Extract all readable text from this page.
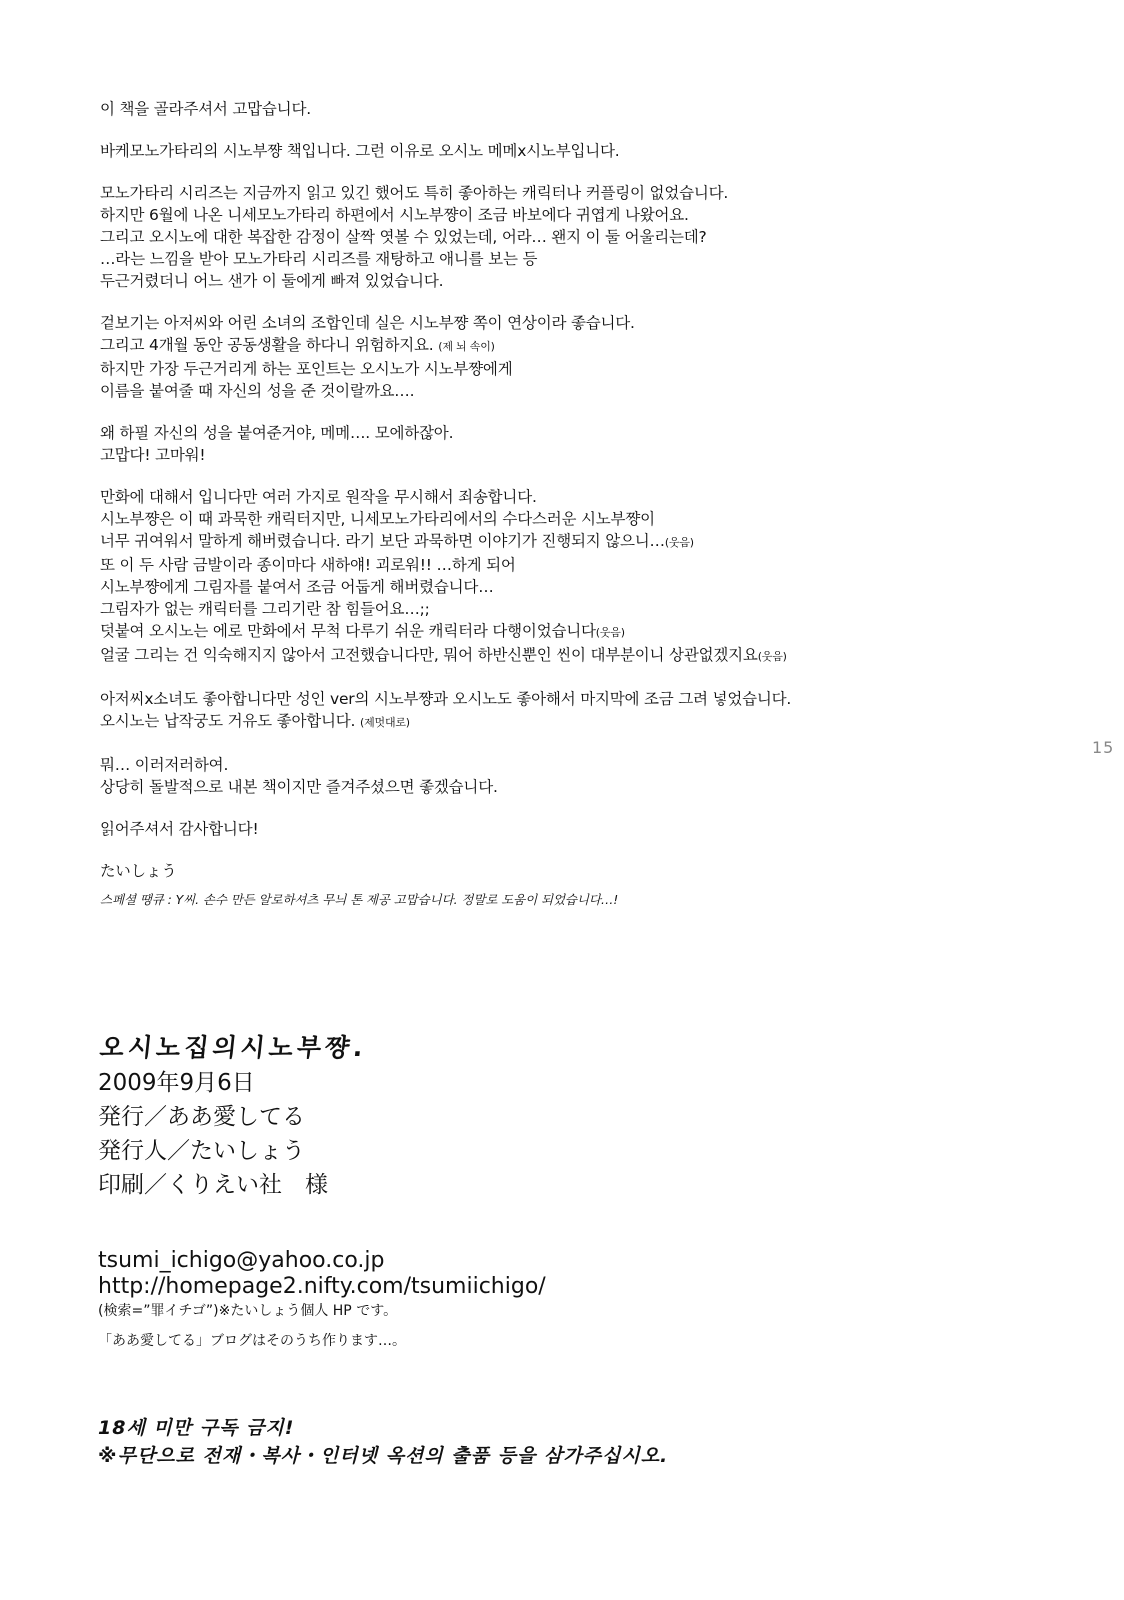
이 책을 골라주셔서 고맙습니다.
바케모노가타리의 시노부쨩 책입니다. 그런 이유로 오시노 메메x시노부입니다.
모노가타리 시리즈는 지금까지 읽고 있긴 했어도 특히 좋아하는 캐릭터나 커플링이 없었습니다.
하지만 6월에 나온 니세모노가타리 하편에서 시노부쨩이 조금 바보에다 귀엽게 나왔어요.
그리고 오시노에 대한 복잡한 감정이 살짝 엿볼 수 있었는데, 어라… 왠지 이 둘 어울리는데?
…라는 느낌을 받아 모노가타리 시리즈를 재탕하고 애니를 보는 등
두근거렸더니 어느 샌가 이 둘에게 빠져 있었습니다.
겉보기는 아저씨와 어린 소녀의 조합인데 실은 시노부쨩 쪽이 연상이라 좋습니다.
그리고 4개월 동안 공동생활을 하다니 위험하지요. (제 뇌 속이)
하지만 가장 두근거리게 하는 포인트는 오시노가 시노부쨩에게
이름을 붙여줄 때 자신의 성을 준 것이랄까요….
왜 하필 자신의 성을 붙여준거야, 메메…. 모에하잖아.
고맙다! 고마워!
만화에 대해서 입니다만 여러 가지로 원작을 무시해서 죄송합니다.
시노부쨩은 이 때 과묵한 캐릭터지만, 니세모노가타리에서의 수다스러운 시노부쨩이
너무 귀여워서 말하게 해버렸습니다. 라기 보단 과묵하면 이야기가 진행되지 않으니…(웃음)
또 이 두 사람 금발이라 종이마다 새하얘! 괴로워!! …하게 되어
시노부쨩에게 그림자를 붙여서 조금 어둡게 해버렸습니다…
그림자가 없는 캐릭터를 그리기란 참 힘들어요…;;
덧붙여 오시노는 에로 만화에서 무척 다루기 쉬운 캐릭터라 다행이었습니다(웃음)
얼굴 그리는 건 익숙해지지 않아서 고전했습니다만, 뭐어 하반신뿐인 씬이 대부분이니 상관없겠지요(웃음)
아저씨x소녀도 좋아합니다만 성인 ver의 시노부쨩과 오시노도 좋아해서 마지막에 조금 그려 넣었습니다.
오시노는 납작궁도 거유도 좋아합니다. (제멋대로)
뭐… 이러저러하여.
상당히 돌발적으로 내본 책이지만 즐겨주셨으면 좋겠습니다.
읽어주셔서 감사합니다!
たいしょう
스페셜 땡큐 : Y씨. 손수 만든 알로하셔츠 무늬 톤 제공 고맙습니다. 정말로 도움이 되었습니다…!
15
오시노집의시노부쨩.
2009年9月6日
発行／ああ愛してる
発行人／たいしょう
印刷／くりえい社　様
tsumi_ichigo@yahoo.co.jp
http://homepage2.nifty.com/tsumiichigo/
(検索=”罪イチゴ”)※たいしょう個人 HP です。
「ああ愛してる」ブログはそのうち作ります…。
18세 미만 구독 금지!
※무단으로 전재・복사・인터넷 옥션의 출품 등을 삼가주십시오.
